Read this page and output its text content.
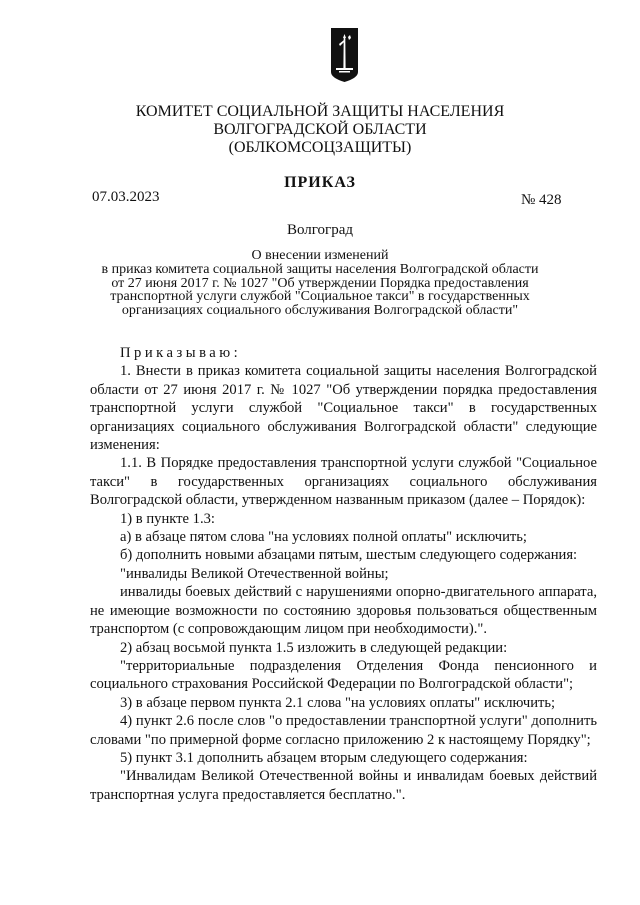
КОМИТЕТ СОЦИАЛЬНОЙ ЗАЩИТЫ НАСЕЛЕНИЯ
ВОЛГОГРАДСКОЙ ОБЛАСТИ
(ОБЛКОМСОЦЗАЩИТЫ)
ПРИКАЗ
07.03.2023	№ 428
Волгоград
О внесении изменений
в приказ комитета социальной защиты населения Волгоградской области
от 27 июня 2017 г. № 1027 "Об утверждении Порядка предоставления
транспортной услуги службой "Социальное такси" в государственных
организациях социального обслуживания Волгоградской области"

Приказываю:

1. Внести в приказ комитета социальной защиты населения Волгоградской области от 27 июня 2017 г. № 1027 "Об утверждении порядка предоставления транспортной услуги службой "Социальное такси" в государственных организациях социального обслуживания Волгоградской области" следующие изменения:

1.1. В Порядке предоставления транспортной услуги службой "Социальное такси" в государственных организациях социального обслуживания Волгоградской области, утвержденном названным приказом (далее – Порядок):

1) в пункте 1.3:

а) в абзаце пятом слова "на условиях полной оплаты" исключить;

б) дополнить новыми абзацами пятым, шестым следующего содержания:

"инвалиды Великой Отечественной войны;

инвалиды боевых действий с нарушениями опорно-двигательного аппарата, не имеющие возможности по состоянию здоровья пользоваться общественным транспортом (с сопровождающим лицом при необходимости).".

2) абзац восьмой пункта 1.5 изложить в следующей редакции:

"территориальные подразделения Отделения Фонда пенсионного и социального страхования Российской Федерации по Волгоградской области";

3) в абзаце первом пункта 2.1 слова "на условиях оплаты" исключить;

4) пункт 2.6 после слов "о предоставлении транспортной услуги" дополнить словами "по примерной форме согласно приложению 2 к настоящему Порядку";

5) пункт 3.1 дополнить абзацем вторым следующего содержания:

"Инвалидам Великой Отечественной войны и инвалидам боевых действий транспортная услуга предоставляется бесплатно.".
